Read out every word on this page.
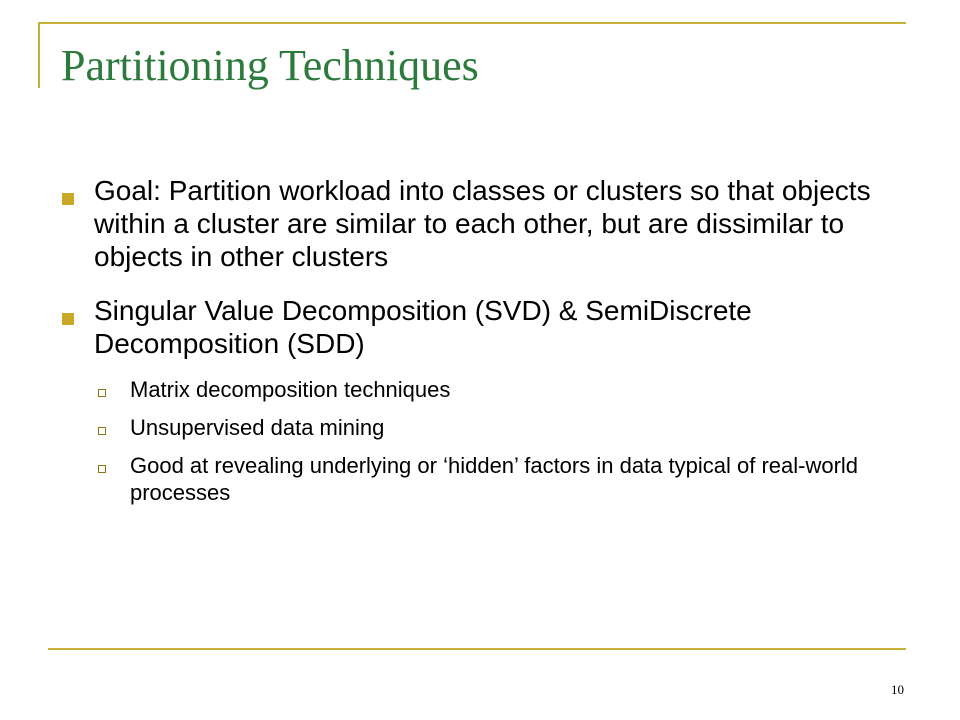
Partitioning Techniques
Goal: Partition workload into classes or clusters so that objects within a cluster are similar to each other, but are dissimilar to objects in other clusters
Singular Value Decomposition (SVD) & SemiDiscrete Decomposition (SDD)
Matrix decomposition techniques
Unsupervised data mining
Good at revealing underlying or ‘hidden’ factors in data typical of real-world processes
10
